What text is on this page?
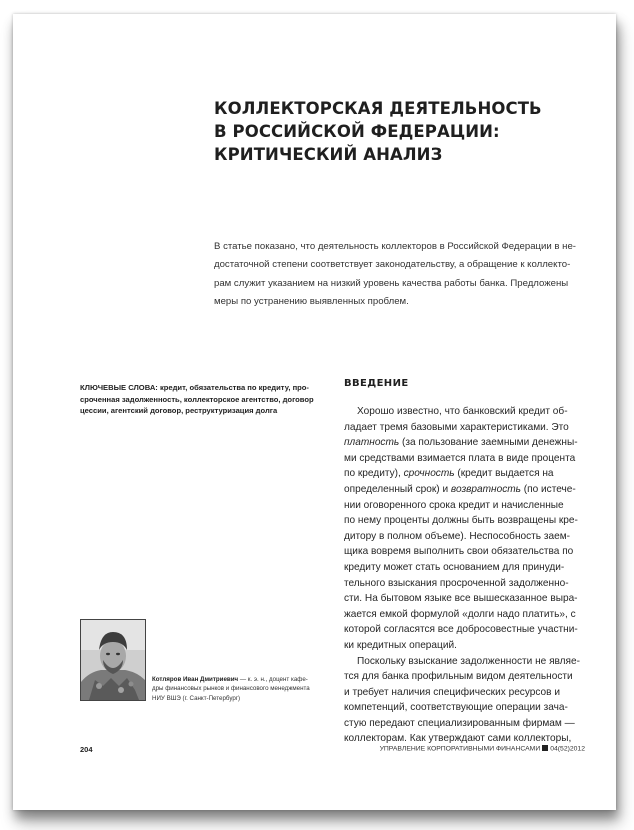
КОЛЛЕКТОРСКАЯ ДЕЯТЕЛЬНОСТЬ
В РОССИЙСКОЙ ФЕДЕРАЦИИ:
КРИТИЧЕСКИЙ АНАЛИЗ
В статье показано, что деятельность коллекторов в Российской Федерации в не-
достаточной степени соответствует законодательству, а обращение к коллекто-
рам служит указанием на низкий уровень качества работы банка. Предложены
меры по устранению выявленных проблем.
КЛЮЧЕВЫЕ СЛОВА: кредит, обязательства по кредиту, про-
сроченная задолженность, коллекторское агентство, договор
цессии, агентский договор, реструктуризация долга
ВВЕДЕНИЕ
Хорошо известно, что банковский кредит об-
ладает тремя базовыми характеристиками. Это
платность (за пользование заемными денежны-
ми средствами взимается плата в виде процента
по кредиту), срочность (кредит выдается на
определенный срок) и возвратность (по истече-
нии оговоренного срока кредит и начисленные
по нему проценты должны быть возвращены кре-
дитору в полном объеме). Неспособность заем-
щика вовремя выполнить свои обязательства по
кредиту может стать основанием для принуди-
тельного взыскания просроченной задолженно-
сти. На бытовом языке все вышесказанное выра-
жается емкой формулой «долги надо платить», с
которой согласятся все добросовестные участни-
ки кредитных операций.
Поскольку взыскание задолженности не являе-
тся для банка профильным видом деятельности
и требует наличия специфических ресурсов и
компетенций, соответствующие операции зача-
стую передают специализированным фирмам —
коллекторам. Как утверждают сами коллекторы,
Котляров Иван Дмитриевич — к. э. н., доцент кафе-
дры финансовых рынков и финансового менеджмента
НИУ ВШЭ (г. Санкт-Петербург)
204	УПРАВЛЕНИЕ КОРПОРАТИВНЫМИ ФИНАНСАМИ 04(52)2012
